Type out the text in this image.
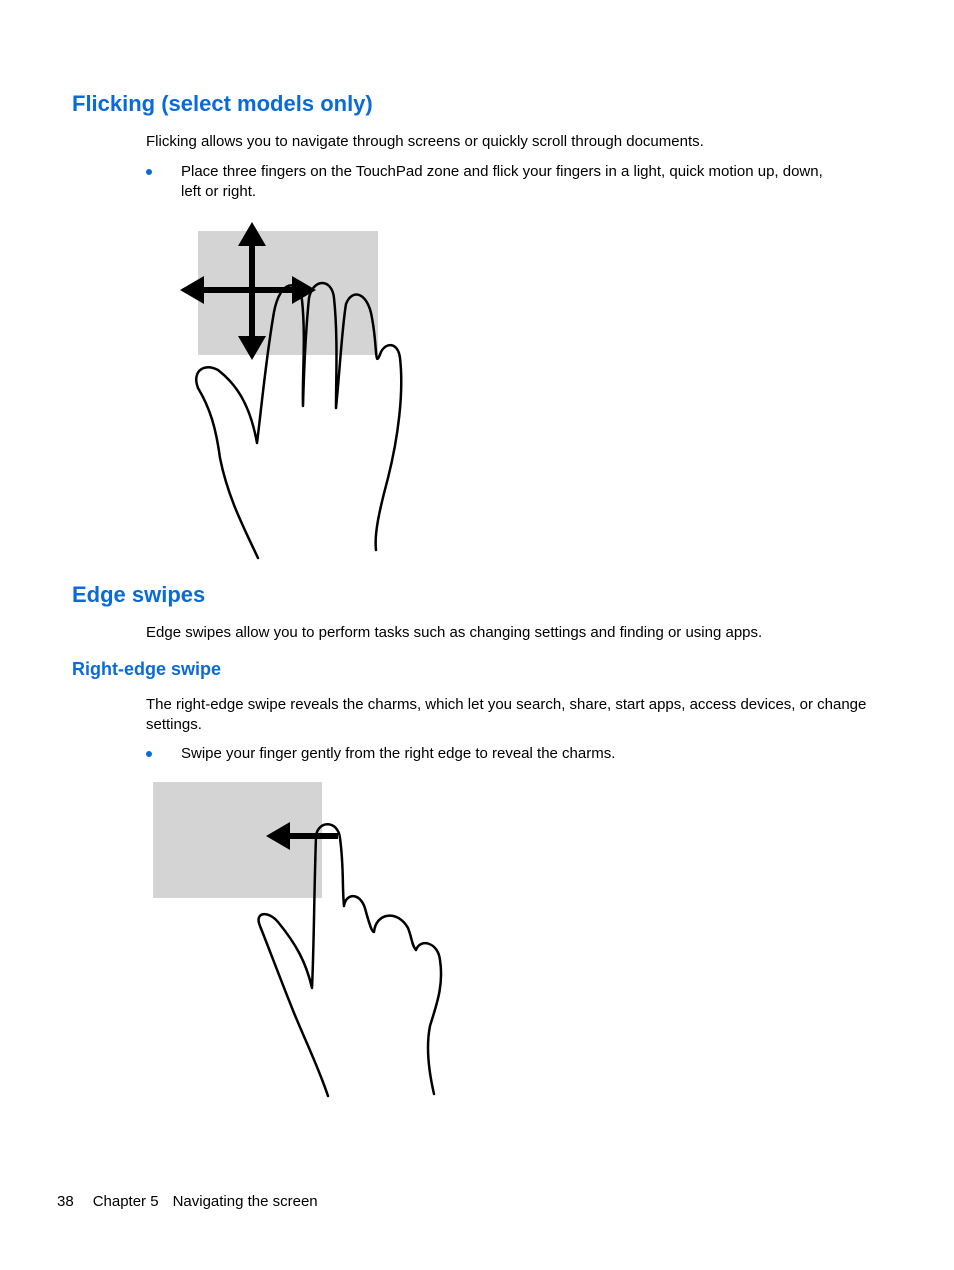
Flicking (select models only)

Flicking allows you to navigate through screens or quickly scroll through documents.

Place three fingers on the TouchPad zone and flick your fingers in a light, quick motion up, down, left or right.
Edge swipes

Edge swipes allow you to perform tasks such as changing settings and finding or using apps.

Right-edge swipe

The right-edge swipe reveals the charms, which let you search, share, start apps, access devices, or change settings.

Swipe your finger gently from the right edge to reveal the charms.
38 Chapter 5 Navigating the screen
